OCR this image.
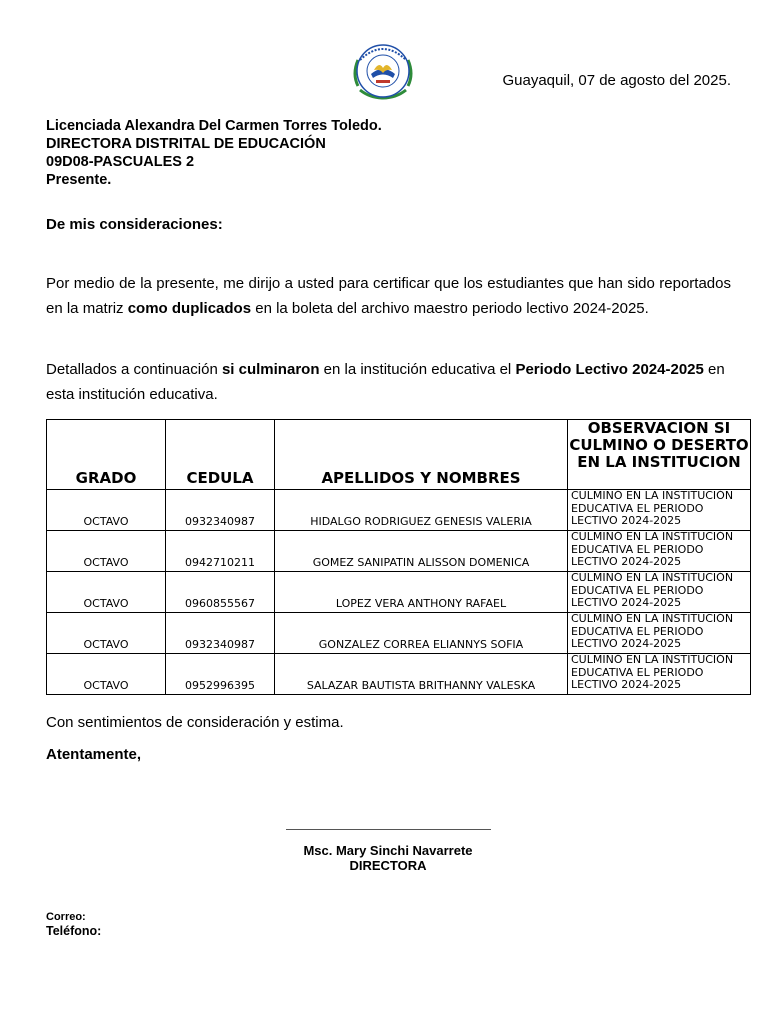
Guayaquil, 07 de agosto del 2025.
Licenciada Alexandra Del Carmen Torres Toledo.
DIRECTORA DISTRITAL DE EDUCACIÓN
09D08-PASCUALES 2
Presente.
De mis consideraciones:
Por medio de la presente, me dirijo a usted para certificar que los estudiantes que han sido reportados en la matriz como duplicados en la boleta del archivo maestro periodo lectivo 2024-2025.
Detallados a continuación si culminaron en la institución educativa el Periodo Lectivo 2024-2025 en esta institución educativa.
GRADO	CEDULA	APELLIDOS Y NOMBRES	OBSERVACION SI CULMINO O DESERTO EN LA INSTITUCION
OCTAVO	0932340987	HIDALGO RODRIGUEZ GENESIS VALERIA	CULMINÓ EN LA INSTITUCIÓN EDUCATIVA EL PERIODO LECTIVO 2024-2025
OCTAVO	0942710211	GOMEZ SANIPATIN ALISSON DOMENICA	CULMINÓ EN LA INSTITUCIÓN EDUCATIVA EL PERIODO LECTIVO 2024-2025
OCTAVO	0960855567	LOPEZ VERA ANTHONY RAFAEL	CULMINÓ EN LA INSTITUCIÓN EDUCATIVA EL PERIODO LECTIVO 2024-2025
OCTAVO	0932340987	GONZALEZ CORREA ELIANNYS SOFIA	CULMINÓ EN LA INSTITUCIÓN EDUCATIVA EL PERIODO LECTIVO 2024-2025
OCTAVO	0952996395	SALAZAR BAUTISTA BRITHANNY VALESKA	CULMINÓ EN LA INSTITUCIÓN EDUCATIVA EL PERIODO LECTIVO 2024-2025
Con sentimientos de consideración y estima.
Atentamente,
Msc. Mary Sinchi Navarrete
DIRECTORA
Correo:
Teléfono:
